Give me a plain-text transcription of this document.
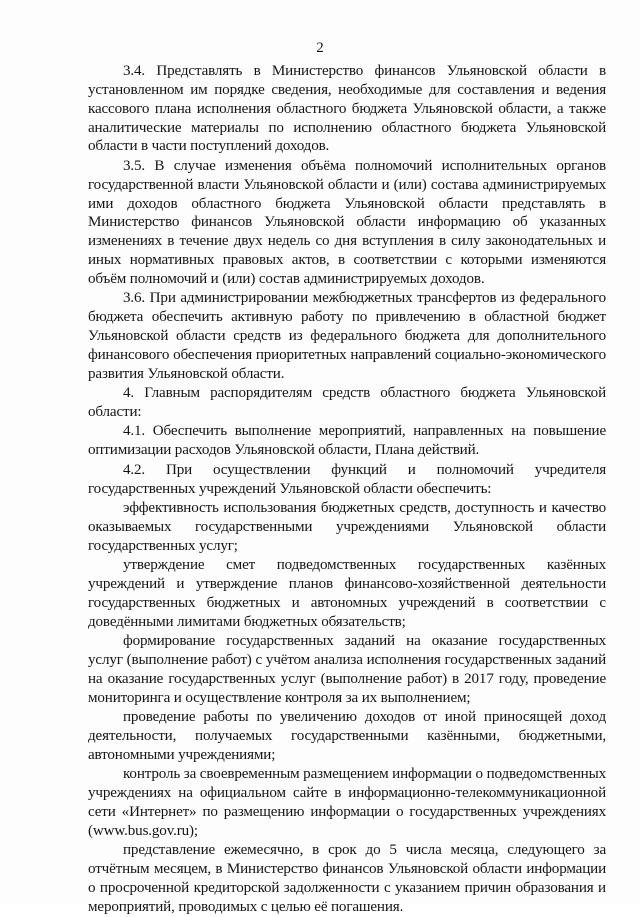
2

3.4. Представлять в Министерство финансов Ульяновской области в установленном им порядке сведения, необходимые для составления и ведения кассового плана исполнения областного бюджета Ульяновской области, а также аналитические материалы по исполнению областного бюджета Ульяновской области в части поступлений доходов.

3.5. В случае изменения объёма полномочий исполнительных органов государственной власти Ульяновской области и (или) состава администрируемых ими доходов областного бюджета Ульяновской области представлять в Министерство финансов Ульяновской области информацию об указанных изменениях в течение двух недель со дня вступления в силу законодательных и иных нормативных правовых актов, в соответствии с которыми изменяются объём полномочий и (или) состав администрируемых доходов.

3.6. При администрировании межбюджетных трансфертов из федерального бюджета обеспечить активную работу по привлечению в областной бюджет Ульяновской области средств из федерального бюджета для дополнительного финансового обеспечения приоритетных направлений социально-экономического развития Ульяновской области.

4. Главным распорядителям средств областного бюджета Ульяновской области:

4.1. Обеспечить выполнение мероприятий, направленных на повышение оптимизации расходов Ульяновской области, Плана действий.

4.2. При осуществлении функций и полномочий учредителя государственных учреждений Ульяновской области обеспечить:

эффективность использования бюджетных средств, доступность и качество оказываемых государственными учреждениями Ульяновской области государственных услуг;

утверждение смет подведомственных государственных казённых учреждений и утверждение планов финансово-хозяйственной деятельности государственных бюджетных и автономных учреждений в соответствии с доведёнными лимитами бюджетных обязательств;

формирование государственных заданий на оказание государственных услуг (выполнение работ) с учётом анализа исполнения государственных заданий на оказание государственных услуг (выполнение работ) в 2017 году, проведение мониторинга и осуществление контроля за их выполнением;

проведение работы по увеличению доходов от иной приносящей доход деятельности, получаемых государственными казёнными, бюджетными, автономными учреждениями;

контроль за своевременным размещением информации о подведомственных учреждениях на официальном сайте в информационно-телекоммуникационной сети «Интернет» по размещению информации о государственных учреждениях (www.bus.gov.ru);

представление ежемесячно, в срок до 5 числа месяца, следующего за отчётным месяцем, в Министерство финансов Ульяновской области информации о просроченной кредиторской задолженности с указанием причин образования и мероприятий, проводимых с целью её погашения.
